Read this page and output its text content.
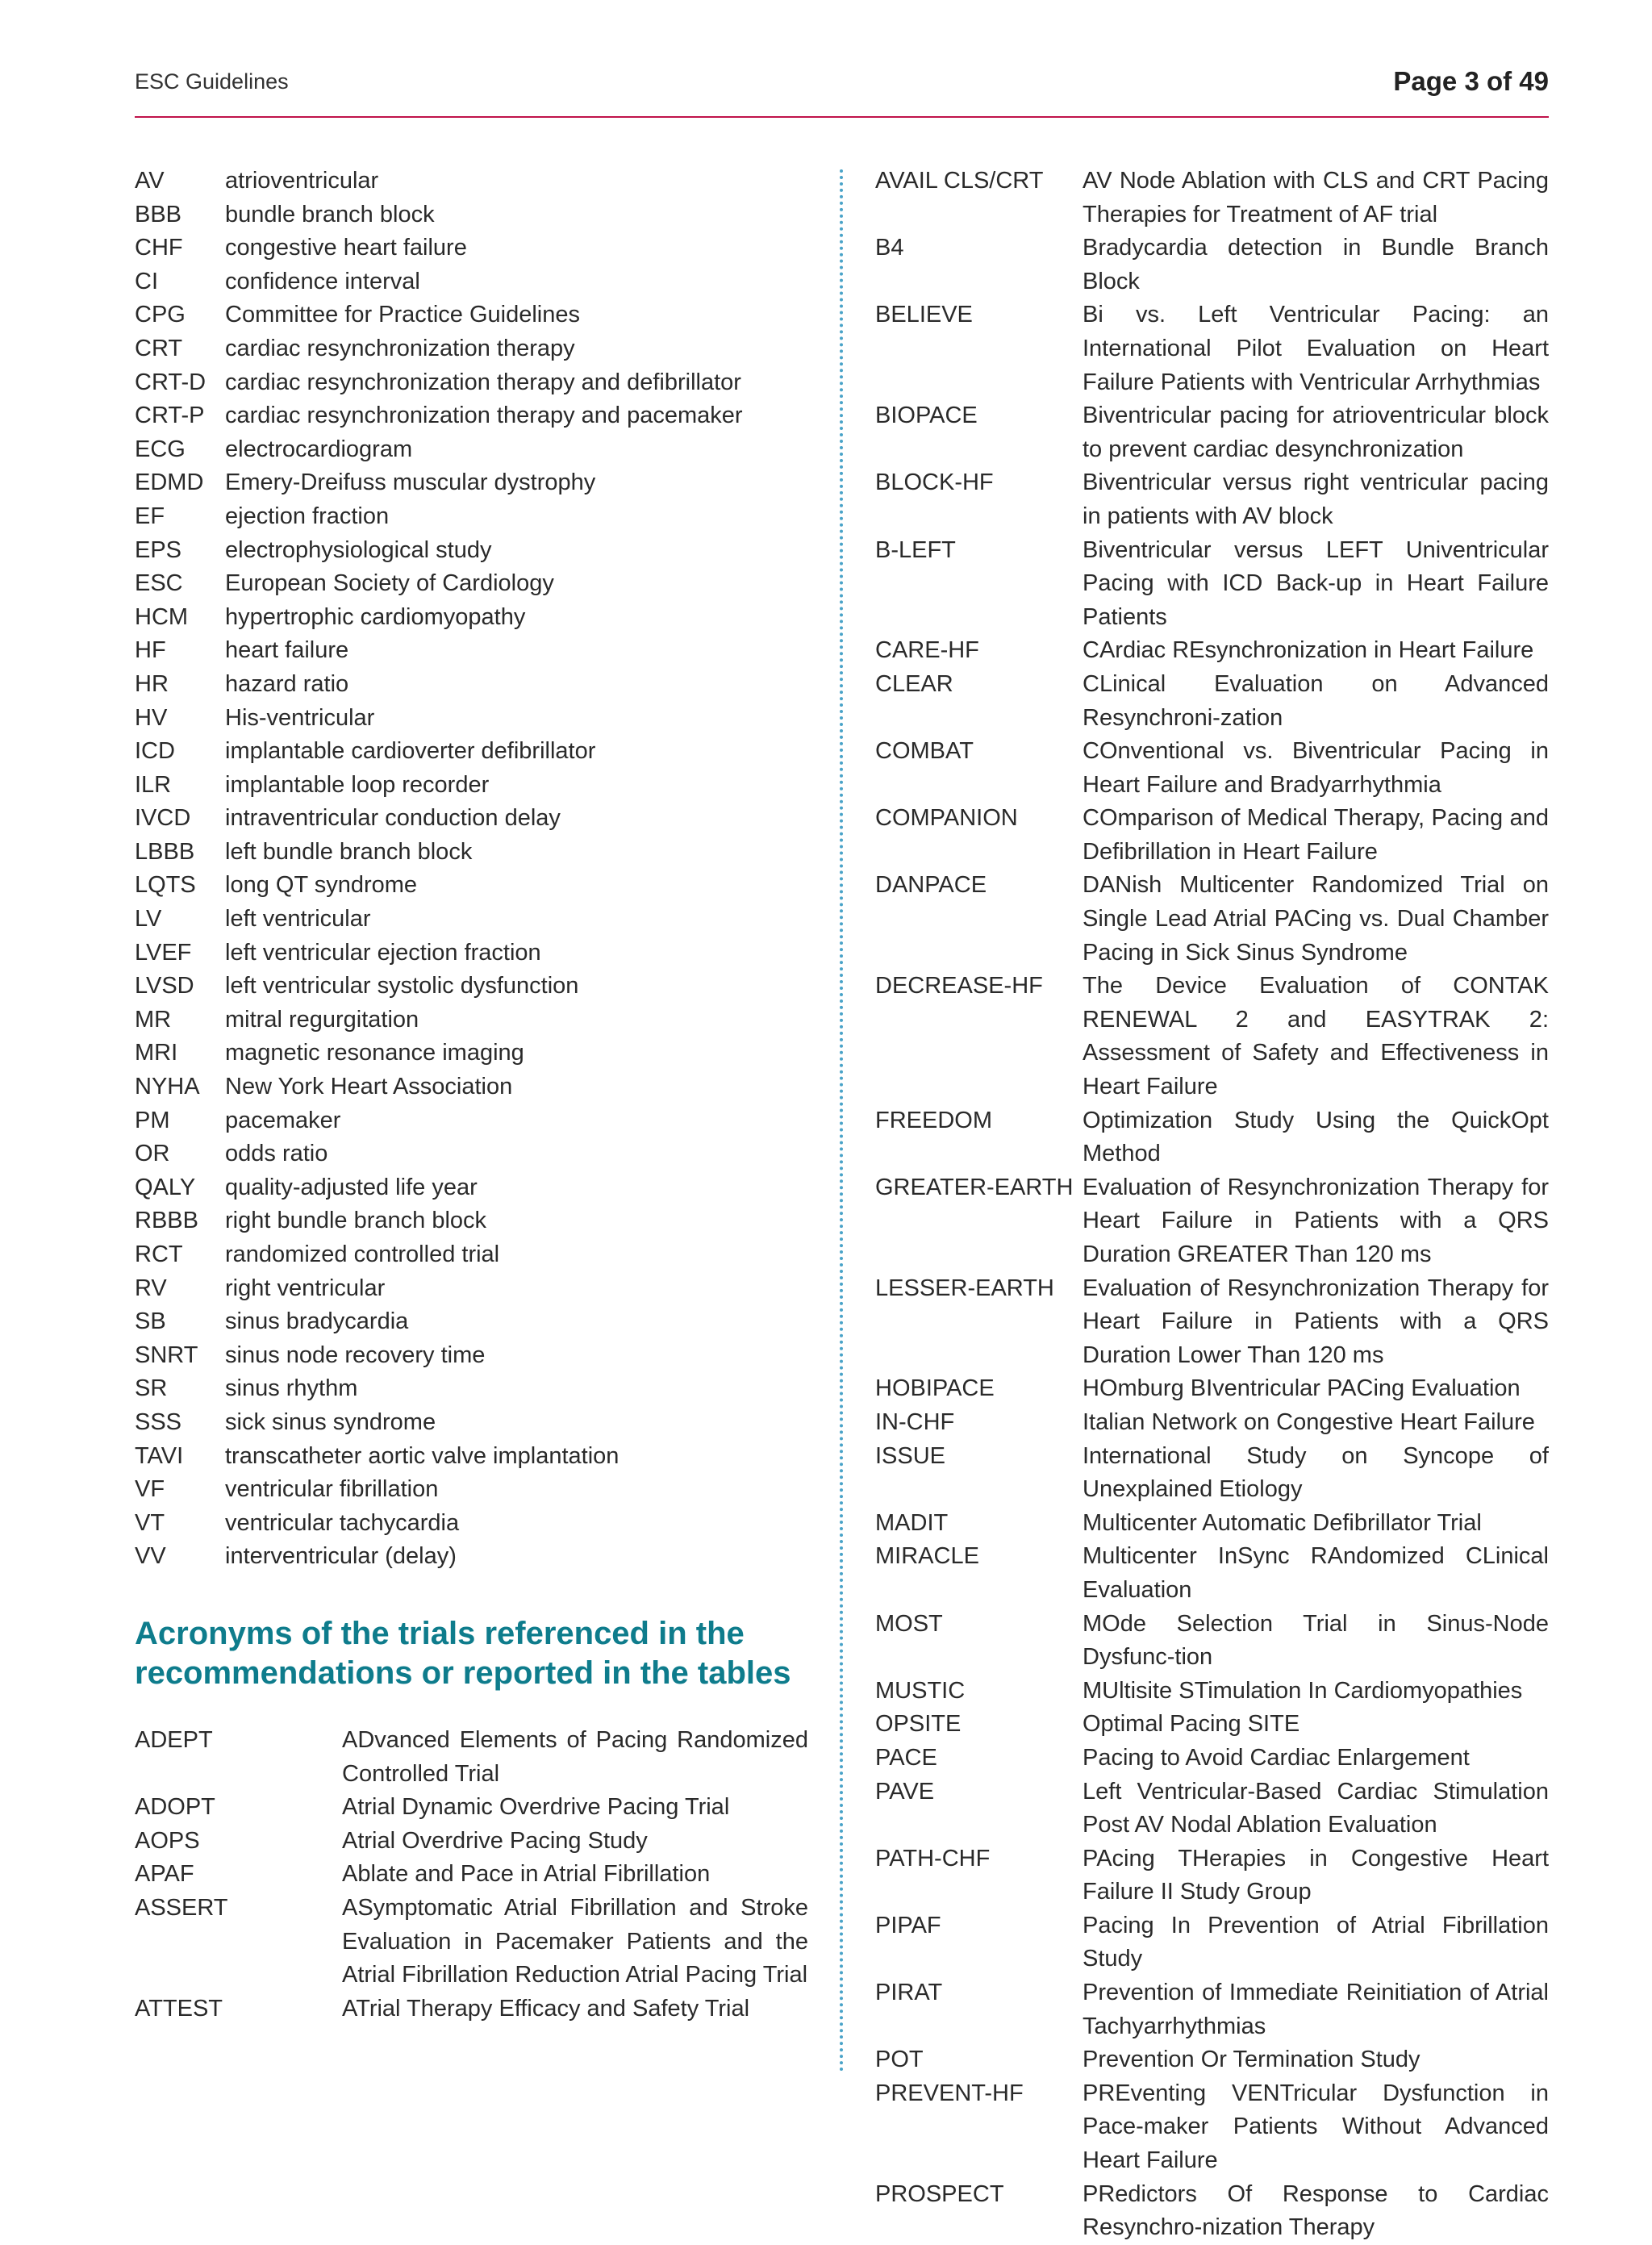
ESC Guidelines	Page 3 of 49
AV	atrioventricular
BBB	bundle branch block
CHF	congestive heart failure
CI	confidence interval
CPG	Committee for Practice Guidelines
CRT	cardiac resynchronization therapy
CRT-D cardiac resynchronization therapy and defibrillator
CRT-P cardiac resynchronization therapy and pacemaker
ECG	electrocardiogram
EDMD Emery-Dreifuss muscular dystrophy
EF	ejection fraction
EPS	electrophysiological study
ESC	European Society of Cardiology
HCM	hypertrophic cardiomyopathy
HF	heart failure
HR	hazard ratio
HV	His-ventricular
ICD	implantable cardioverter defibrillator
ILR	implantable loop recorder
IVCD	intraventricular conduction delay
LBBB	left bundle branch block
LQTS	long QT syndrome
LV	left ventricular
LVEF	left ventricular ejection fraction
LVSD	left ventricular systolic dysfunction
MR	mitral regurgitation
MRI	magnetic resonance imaging
NYHA	New York Heart Association
PM	pacemaker
OR	odds ratio
QALY	quality-adjusted life year
RBBB	right bundle branch block
RCT	randomized controlled trial
RV	right ventricular
SB	sinus bradycardia
SNRT	sinus node recovery time
SR	sinus rhythm
SSS	sick sinus syndrome
TAVI	transcatheter aortic valve implantation
VF	ventricular fibrillation
VT	ventricular tachycardia
VV	interventricular (delay)
Acronyms of the trials referenced in the recommendations or reported in the tables
ADEPT	ADvanced Elements of Pacing Randomized Controlled Trial
ADOPT	Atrial Dynamic Overdrive Pacing Trial
AOPS	Atrial Overdrive Pacing Study
APAF	Ablate and Pace in Atrial Fibrillation
ASSERT	ASymptomatic Atrial Fibrillation and Stroke Evaluation in Pacemaker Patients and the Atrial Fibrillation Reduction Atrial Pacing Trial
ATTEST	ATrial Therapy Efficacy and Safety Trial
AVAIL CLS/CRT	AV Node Ablation with CLS and CRT Pacing Therapies for Treatment of AF trial
B4	Bradycardia detection in Bundle Branch Block
BELIEVE	Bi vs. Left Ventricular Pacing: an International Pilot Evaluation on Heart Failure Patients with Ventricular Arrhythmias
BIOPACE	Biventricular pacing for atrioventricular block to prevent cardiac desynchronization
BLOCK-HF	Biventricular versus right ventricular pacing in patients with AV block
B-LEFT	Biventricular versus LEFT Univentricular Pacing with ICD Back-up in Heart Failure Patients
CARE-HF	CArdiac REsynchronization in Heart Failure
CLEAR	CLinical Evaluation on Advanced Resynchroni-zation
COMBAT	COnventional vs. Biventricular Pacing in Heart Failure and Bradyarrhythmia
COMPANION	COmparison of Medical Therapy, Pacing and Defibrillation in Heart Failure
DANPACE	DANish Multicenter Randomized Trial on Single Lead Atrial PACing vs. Dual Chamber Pacing in Sick Sinus Syndrome
DECREASE-HF	The Device Evaluation of CONTAK RENEWAL 2 and EASYTRAK 2: Assessment of Safety and Effectiveness in Heart Failure
FREEDOM	Optimization Study Using the QuickOpt Method
GREATER-EARTH Evaluation of Resynchronization Therapy for Heart Failure in Patients with a QRS Duration GREATER Than 120 ms
LESSER-EARTH	Evaluation of Resynchronization Therapy for Heart Failure in Patients with a QRS Duration Lower Than 120 ms
HOBIPACE	HOmburg BIventricular PACing Evaluation
IN-CHF	Italian Network on Congestive Heart Failure
ISSUE	International Study on Syncope of Unexplained Etiology
MADIT	Multicenter Automatic Defibrillator Trial
MIRACLE	Multicenter InSync RAndomized CLinical Evaluation
MOST	MOde Selection Trial in Sinus-Node Dysfunc-tion
MUSTIC	MUltisite STimulation In Cardiomyopathies
OPSITE	Optimal Pacing SITE
PACE	Pacing to Avoid Cardiac Enlargement
PAVE	Left Ventricular-Based Cardiac Stimulation Post AV Nodal Ablation Evaluation
PATH-CHF	PAcing THerapies in Congestive Heart Failure II Study Group
PIPAF	Pacing In Prevention of Atrial Fibrillation Study
PIRAT	Prevention of Immediate Reinitiation of Atrial Tachyarrhythmias
POT	Prevention Or Termination Study
PREVENT-HF	PREventing VENTricular Dysfunction in Pace-maker Patients Without Advanced Heart Failure
PROSPECT	PRedictors Of Response to Cardiac Resynchro-nization Therapy
